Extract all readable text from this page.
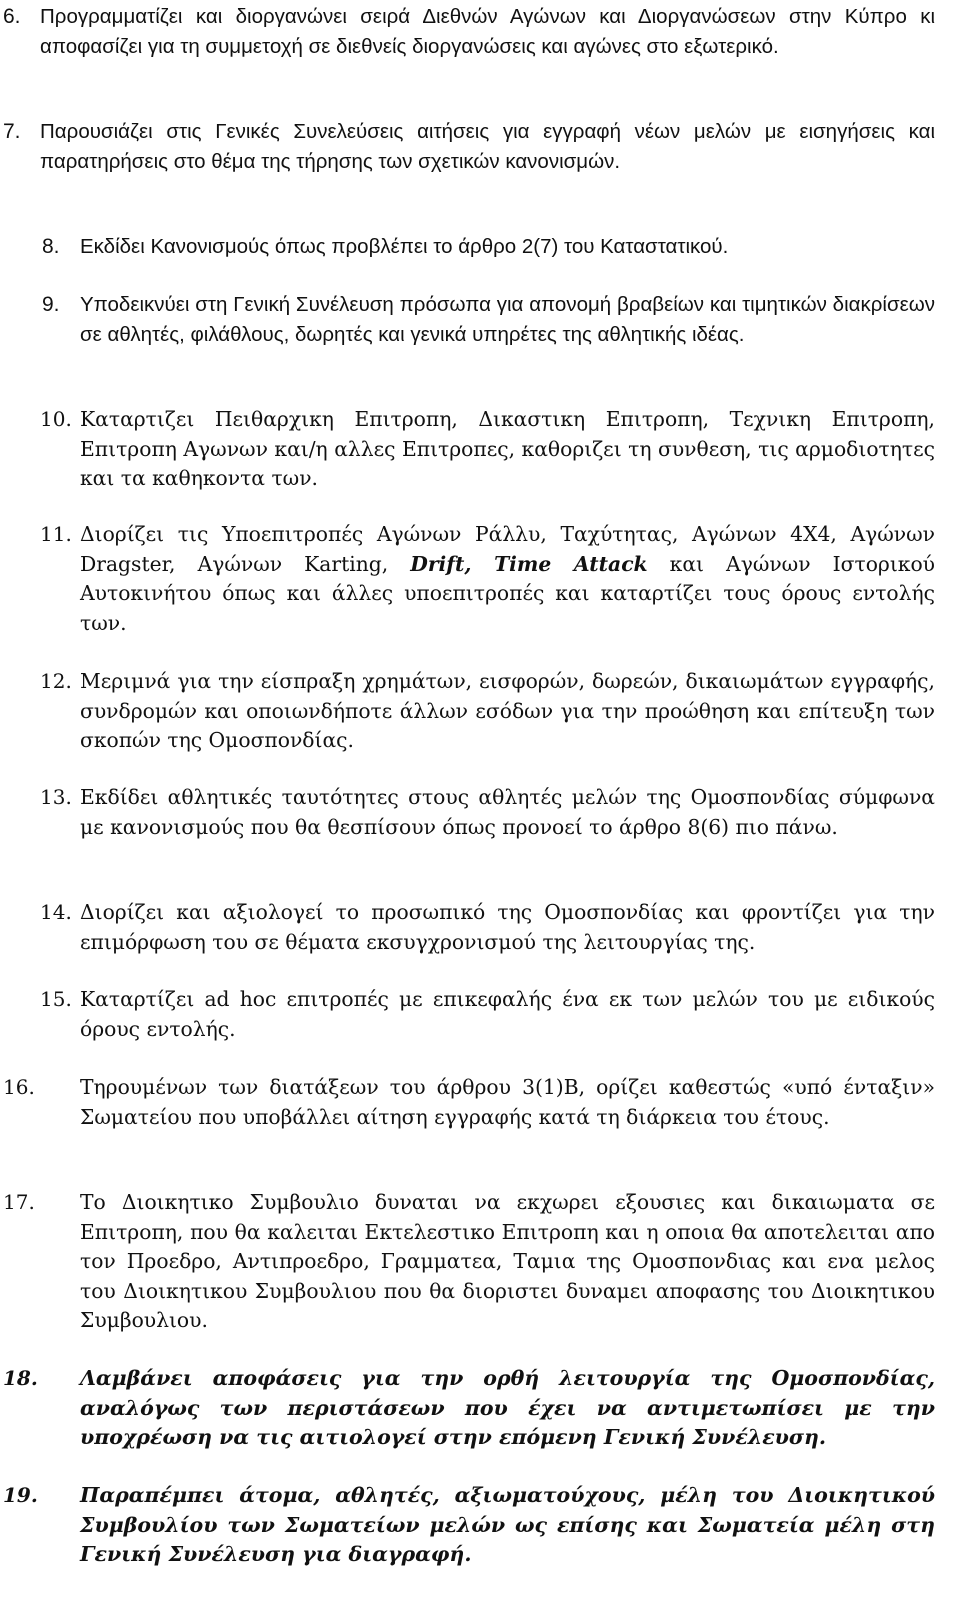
6. Προγραμματίζει και διοργανώνει σειρά Διεθνών Αγώνων και Διοργανώσεων στην Κύπρο κι αποφασίζει για τη συμμετοχή σε διεθνείς διοργανώσεις και αγώνες στο εξωτερικό.

7. Παρουσιάζει στις Γενικές Συνελεύσεις αιτήσεις για εγγραφή νέων μελών με εισηγήσεις και παρατηρήσεις στο θέμα της τήρησης των σχετικών κανονισμών.

8. Εκδίδει Κανονισμούς όπως προβλέπει το άρθρο 2(7) του Καταστατικού.

9. Υποδεικνύει στη Γενική Συνέλευση πρόσωπα για απονομή βραβείων και τιμητικών διακρίσεων σε αθλητές, φιλάθλους, δωρητές και γενικά υπηρέτες της αθλητικής ιδέας.

10. Καταρτιζει Πειθαρχικη Επιτροπη, Δικαστικη Επιτροπη, Τεχνικη Επιτροπη, Επιτροπη Αγωνων και/η αλλες Επιτροπες, καθοριζει τη συνθεση, τις αρμοδιοτητες και τα καθηκοντα των.

11. Διορίζει τις Υποεπιτροπές Αγώνων Ράλλυ, Ταχύτητας, Αγώνων 4Χ4, Αγώνων Dragster, Αγώνων Karting, Drift, Time Attack και Αγώνων Ιστορικού Αυτοκινήτου όπως και άλλες υποεπιτροπές και καταρτίζει τους όρους εντολής των.

12. Μεριμνά για την είσπραξη χρημάτων, εισφορών, δωρεών, δικαιωμάτων εγγραφής, συνδρομών και οποιωνδήποτε άλλων εσόδων για την προώθηση και επίτευξη των σκοπών της Ομοσπονδίας.

13. Εκδίδει αθλητικές ταυτότητες στους αθλητές μελών της Ομοσπονδίας σύμφωνα με κανονισμούς που θα θεσπίσουν όπως προνοεί το άρθρο 8(6) πιο πάνω.

14. Διορίζει και αξιολογεί το προσωπικό της Ομοσπονδίας και φροντίζει για την επιμόρφωση του σε θέματα εκσυγχρονισμού της λειτουργίας της.

15. Καταρτίζει ad hoc επιτροπές με επικεφαλής ένα εκ των μελών του με ειδικούς όρους εντολής.

16. Τηρουμένων των διατάξεων του άρθρου 3(1)Β, ορίζει καθεστώς «υπό ένταξιν» Σωματείου που υποβάλλει αίτηση εγγραφής κατά τη διάρκεια του έτους.

17. Το Διοικητικο Συμβουλιο δυναται να εκχωρει εξουσιες και δικαιωματα σε Επιτροπη, που θα καλειται Εκτελεστικο Επιτροπη και η οποια θα αποτελειται απο τον Προεδρο, Αντιπροεδρο, Γραμματεα, Ταμια της Ομοσπονδιας και ενα μελος του Διοικητικου Συμβουλιου που θα διοριστει δυναμει αποφασης του Διοικητικου Συμβουλιου.

18. Λαμβάνει αποφάσεις για την ορθή λειτουργία της Ομοσπονδίας, αναλόγως των περιστάσεων που έχει να αντιμετωπίσει με την υποχρέωση να τις αιτιολογεί στην επόμενη Γενική Συνέλευση.

19. Παραπέμπει άτομα, αθλητές, αξιωματούχους, μέλη του Διοικητικού Συμβουλίου των Σωματείων μελών ως επίσης και Σωματεία μέλη στη Γενική Συνέλευση για διαγραφή.
